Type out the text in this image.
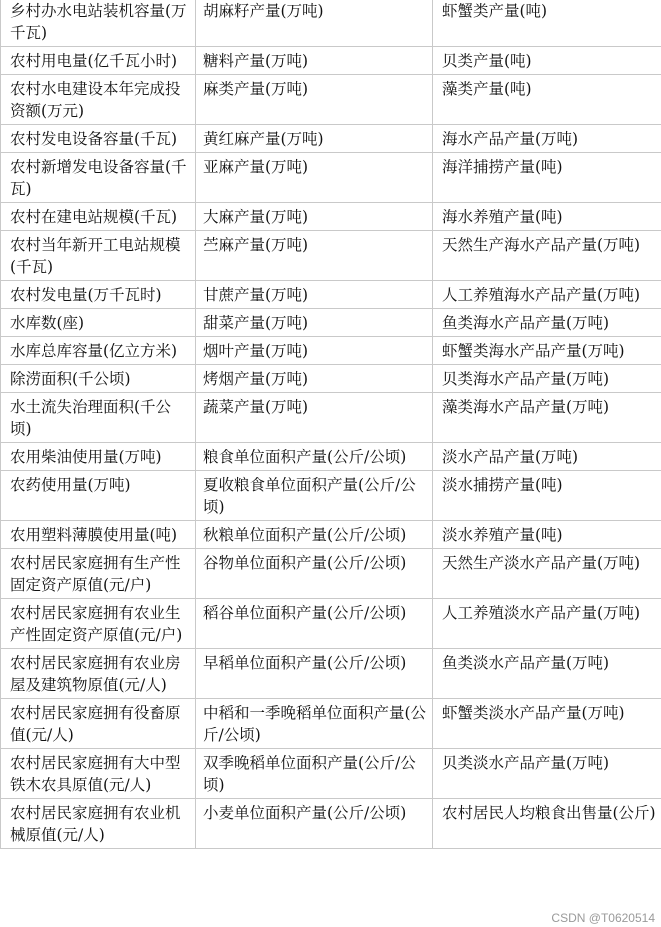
乡村办水电站装机容量(万千瓦)	胡麻籽产量(万吨)	虾蟹类产量(吨)
农村用电量(亿千瓦小时)	糖料产量(万吨)	贝类产量(吨)
农村水电建设本年完成投资额(万元)	麻类产量(万吨)	藻类产量(吨)
农村发电设备容量(千瓦)	黄红麻产量(万吨)	海水产品产量(万吨)
农村新增发电设备容量(千瓦)	亚麻产量(万吨)	海洋捕捞产量(吨)
农村在建电站规模(千瓦)	大麻产量(万吨)	海水养殖产量(吨)
农村当年新开工电站规模(千瓦)	苎麻产量(万吨)	天然生产海水产品产量(万吨)
农村发电量(万千瓦时)	甘蔗产量(万吨)	人工养殖海水产品产量(万吨)
水库数(座)	甜菜产量(万吨)	鱼类海水产品产量(万吨)
水库总库容量(亿立方米)	烟叶产量(万吨)	虾蟹类海水产品产量(万吨)
除涝面积(千公顷)	烤烟产量(万吨)	贝类海水产品产量(万吨)
水土流失治理面积(千公顷)	蔬菜产量(万吨)	藻类海水产品产量(万吨)
农用柴油使用量(万吨)	粮食单位面积产量(公斤/公顷)	淡水产品产量(万吨)
农药使用量(万吨)	夏收粮食单位面积产量(公斤/公顷)	淡水捕捞产量(吨)
农用塑料薄膜使用量(吨)	秋粮单位面积产量(公斤/公顷)	淡水养殖产量(吨)
农村居民家庭拥有生产性固定资产原值(元/户)	谷物单位面积产量(公斤/公顷)	天然生产淡水产品产量(万吨)
农村居民家庭拥有农业生产性固定资产原值(元/户)	稻谷单位面积产量(公斤/公顷)	人工养殖淡水产品产量(万吨)
农村居民家庭拥有农业房屋及建筑物原值(元/人)	早稻单位面积产量(公斤/公顷)	鱼类淡水产品产量(万吨)
农村居民家庭拥有役畜原值(元/人)	中稻和一季晚稻单位面积产量(公斤/公顷)	虾蟹类淡水产品产量(万吨)
农村居民家庭拥有大中型铁木农具原值(元/人)	双季晚稻单位面积产量(公斤/公顷)	贝类淡水产品产量(万吨)
农村居民家庭拥有农业机械原值(元/人)	小麦单位面积产量(公斤/公顷)	农村居民人均粮食出售量(公斤)
CSDN @T0620514
